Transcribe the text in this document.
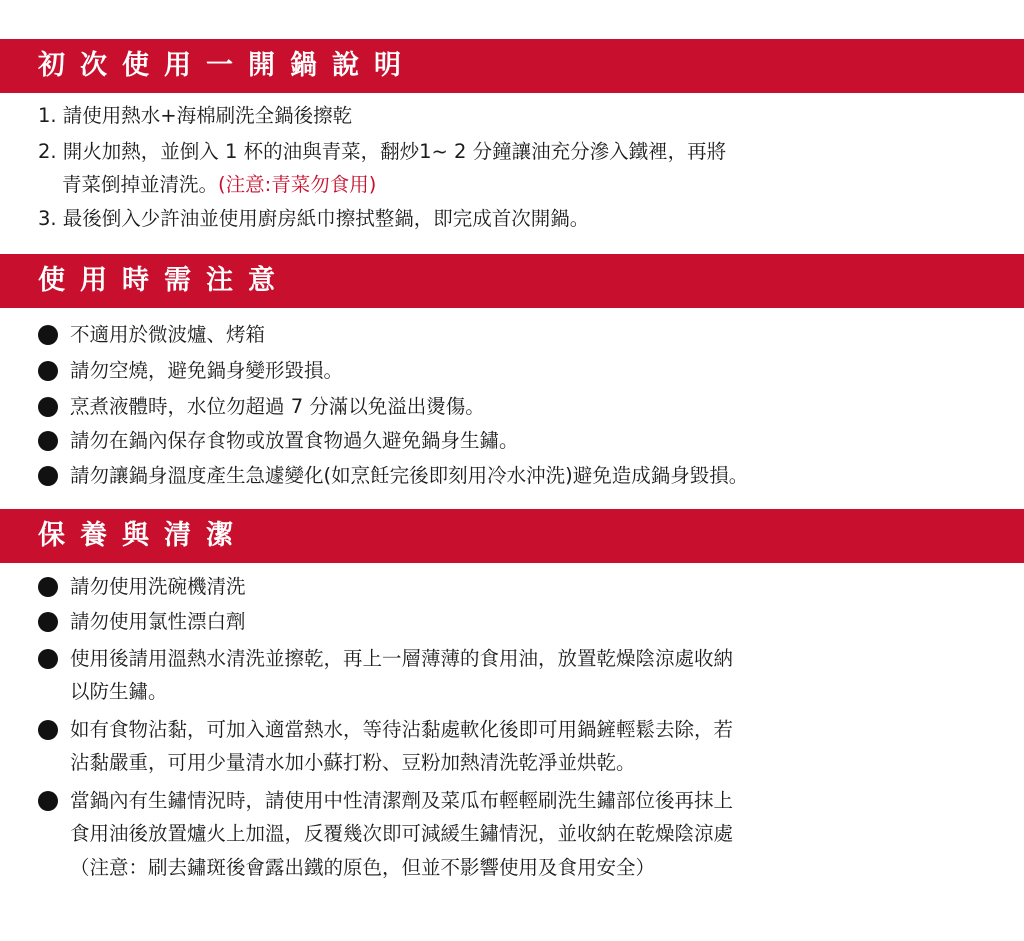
初次使用一開鍋說明
1. 請使用熱水+海棉刷洗全鍋後擦乾
2. 開火加熱，並倒入 1 杯的油與青菜，翻炒1~ 2 分鐘讓油充分滲入鐵裡，再將
青菜倒掉並清洗。(注意:青菜勿食用)
3. 最後倒入少許油並使用廚房紙巾擦拭整鍋，即完成首次開鍋。
使用時需注意
不適用於微波爐、烤箱
請勿空燒，避免鍋身變形毀損。
烹煮液體時，水位勿超過 7 分滿以免溢出燙傷。
請勿在鍋內保存食物或放置食物過久避免鍋身生鏽。
請勿讓鍋身溫度產生急遽變化(如烹飪完後即刻用冷水沖洗)避免造成鍋身毀損。
保養與清潔
請勿使用洗碗機清洗
請勿使用氯性漂白劑
使用後請用溫熱水清洗並擦乾，再上一層薄薄的食用油，放置乾燥陰涼處收納
以防生鏽。
如有食物沾黏，可加入適當熱水，等待沾黏處軟化後即可用鍋鏟輕鬆去除，若
沾黏嚴重，可用少量清水加小蘇打粉、豆粉加熱清洗乾淨並烘乾。
當鍋內有生鏽情況時，請使用中性清潔劑及菜瓜布輕輕刷洗生鏽部位後再抹上
食用油後放置爐火上加溫，反覆幾次即可減緩生鏽情況，並收納在乾燥陰涼處
（注意：刷去鏽斑後會露出鐵的原色，但並不影響使用及食用安全）
